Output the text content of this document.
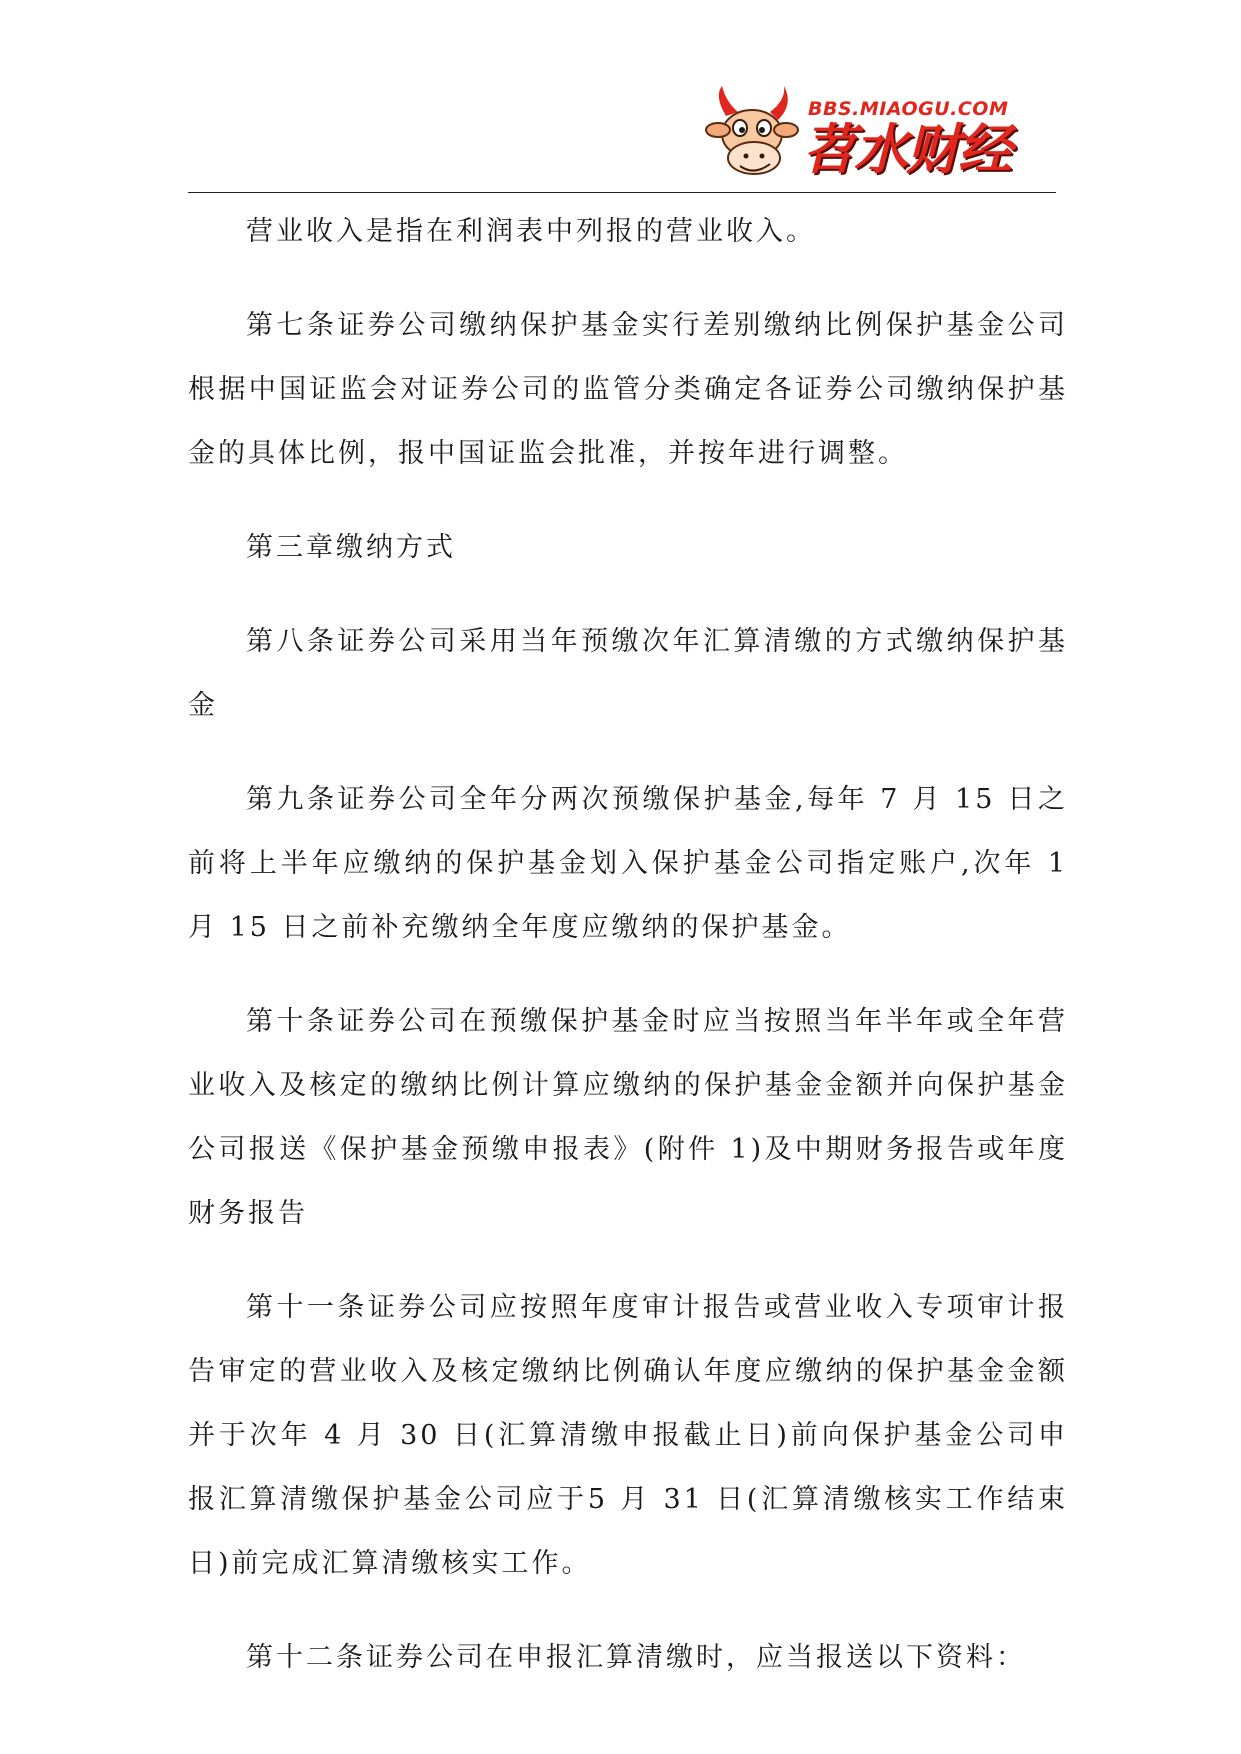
BBS.MIAOGU.COM
苕水财经

营业收入是指在利润表中列报的营业收入。

第七条证券公司缴纳保护基金实行差别缴纳比例保护基金公司根据中国证监会对证券公司的监管分类确定各证券公司缴纳保护基金的具体比例，报中国证监会批准，并按年进行调整。

第三章缴纳方式

第八条证券公司采用当年预缴次年汇算清缴的方式缴纳保护基金

第九条证券公司全年分两次预缴保护基金,每年 7 月 15 日之前将上半年应缴纳的保护基金划入保护基金公司指定账户,次年 1 月 15 日之前补充缴纳全年度应缴纳的保护基金。

第十条证券公司在预缴保护基金时应当按照当年半年或全年营业收入及核定的缴纳比例计算应缴纳的保护基金金额并向保护基金公司报送《保护基金预缴申报表》(附件 1)及中期财务报告或年度财务报告

第十一条证券公司应按照年度审计报告或营业收入专项审计报告审定的营业收入及核定缴纳比例确认年度应缴纳的保护基金金额并于次年 4 月 30 日(汇算清缴申报截止日)前向保护基金公司申报汇算清缴保护基金公司应于5 月 31 日(汇算清缴核实工作结束日)前完成汇算清缴核实工作。

第十二条证券公司在申报汇算清缴时，应当报送以下资料：
